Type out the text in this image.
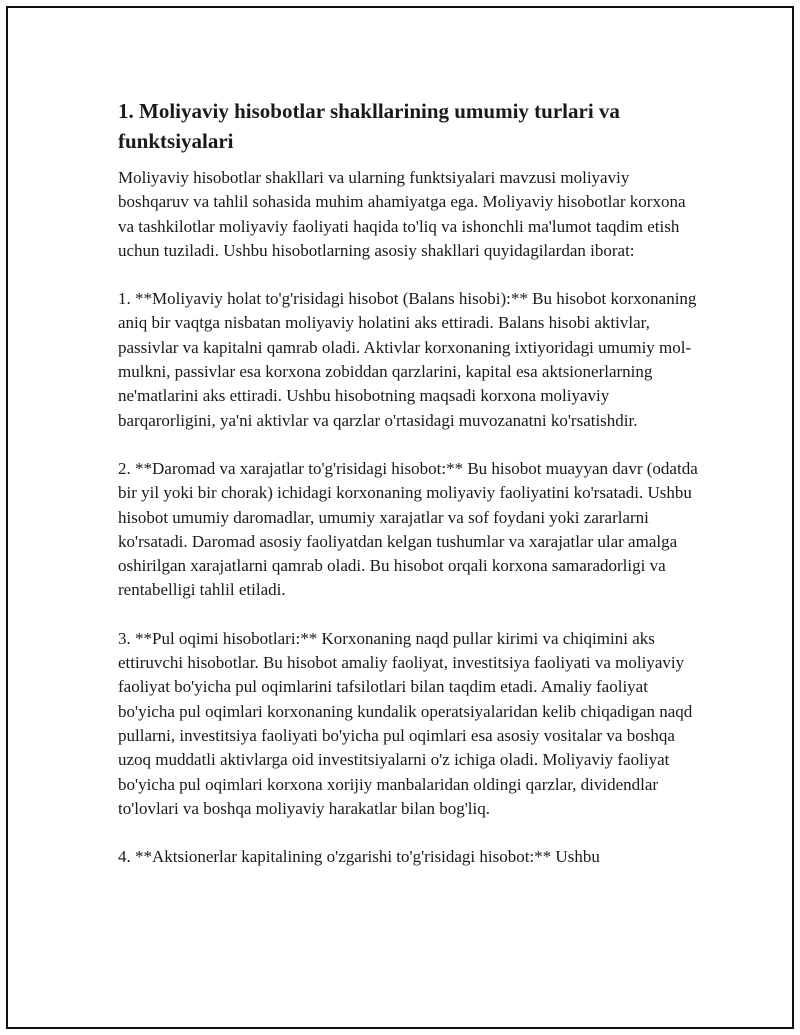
1. Moliyaviy hisobotlar shakllarining umumiy turlari va funktsiyalari

Moliyaviy hisobotlar shakllari va ularning funktsiyalari mavzusi moliyaviy boshqaruv va tahlil sohasida muhim ahamiyatga ega. Moliyaviy hisobotlar korxona va tashkilotlar moliyaviy faoliyati haqida to'liq va ishonchli ma'lumot taqdim etish uchun tuziladi. Ushbu hisobotlarning asosiy shakllari quyidagilardan iborat:

1. **Moliyaviy holat to'g'risidagi hisobot (Balans hisobi):** Bu hisobot korxonaning aniq bir vaqtga nisbatan moliyaviy holatini aks ettiradi. Balans hisobi aktivlar, passivlar va kapitalni qamrab oladi. Aktivlar korxonaning ixtiyoridagi umumiy mol-mulkni, passivlar esa korxona zobiddan qarzlarini, kapital esa aktsionerlarning ne'matlarini aks ettiradi. Ushbu hisobotning maqsadi korxona moliyaviy barqarorligini, ya'ni aktivlar va qarzlar o'rtasidagi muvozanatni ko'rsatishdir.

2. **Daromad va xarajatlar to'g'risidagi hisobot:** Bu hisobot muayyan davr (odatda bir yil yoki bir chorak) ichidagi korxonaning moliyaviy faoliyatini ko'rsatadi. Ushbu hisobot umumiy daromadlar, umumiy xarajatlar va sof foydani yoki zararlarni ko'rsatadi. Daromad asosiy faoliyatdan kelgan tushumlar va xarajatlar ular amalga oshirilgan xarajatlarni qamrab oladi. Bu hisobot orqali korxona samaradorligi va rentabelligi tahlil etiladi.

3. **Pul oqimi hisobotlari:** Korxonaning naqd pullar kirimi va chiqimini aks ettiruvchi hisobotlar. Bu hisobot amaliy faoliyat, investitsiya faoliyati va moliyaviy faoliyat bo'yicha pul oqimlarini tafsilotlari bilan taqdim etadi. Amaliy faoliyat bo'yicha pul oqimlari korxonaning kundalik operatsiyalaridan kelib chiqadigan naqd pullarni, investitsiya faoliyati bo'yicha pul oqimlari esa asosiy vositalar va boshqa uzoq muddatli aktivlarga oid investitsiyalarni o'z ichiga oladi. Moliyaviy faoliyat bo'yicha pul oqimlari korxona xorijiy manbalaridan oldingi qarzlar, dividendlar to'lovlari va boshqa moliyaviy harakatlar bilan bog'liq.

4. **Aktsionerlar kapitalining o'zgarishi to'g'risidagi hisobot:** Ushbu
